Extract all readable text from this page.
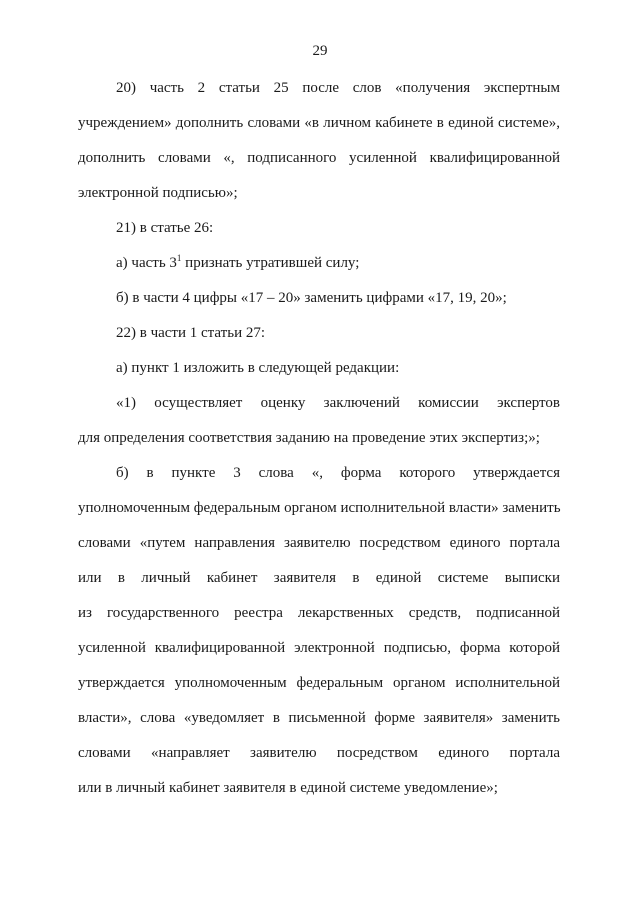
29
20) часть 2 статьи 25 после слов «получения экспертным
учреждением» дополнить словами «в личном кабинете в единой системе»,
дополнить словами «, подписанного усиленной квалифицированной
электронной подписью»;
21) в статье 26:
а) часть $3^1$ признать утратившей силу;
б) в части 4 цифры «17 – 20» заменить цифрами «17, 19, 20»;
22) в части 1 статьи 27:
а) пункт 1 изложить в следующей редакции:
«1) осуществляет оценку заключений комиссии экспертов
для определения соответствия заданию на проведение этих экспертиз;»;
б) в пункте 3 слова «, форма которого утверждается
уполномоченным федеральным органом исполнительной власти» заменить
словами «путем направления заявителю посредством единого портала
или в личный кабинет заявителя в единой системе выписки
из государственного реестра лекарственных средств, подписанной
усиленной квалифицированной электронной подписью, форма которой
утверждается уполномоченным федеральным органом исполнительной
власти», слова «уведомляет в письменной форме заявителя» заменить
словами «направляет заявителю посредством единого портала
или в личный кабинет заявителя в единой системе уведомление»;
